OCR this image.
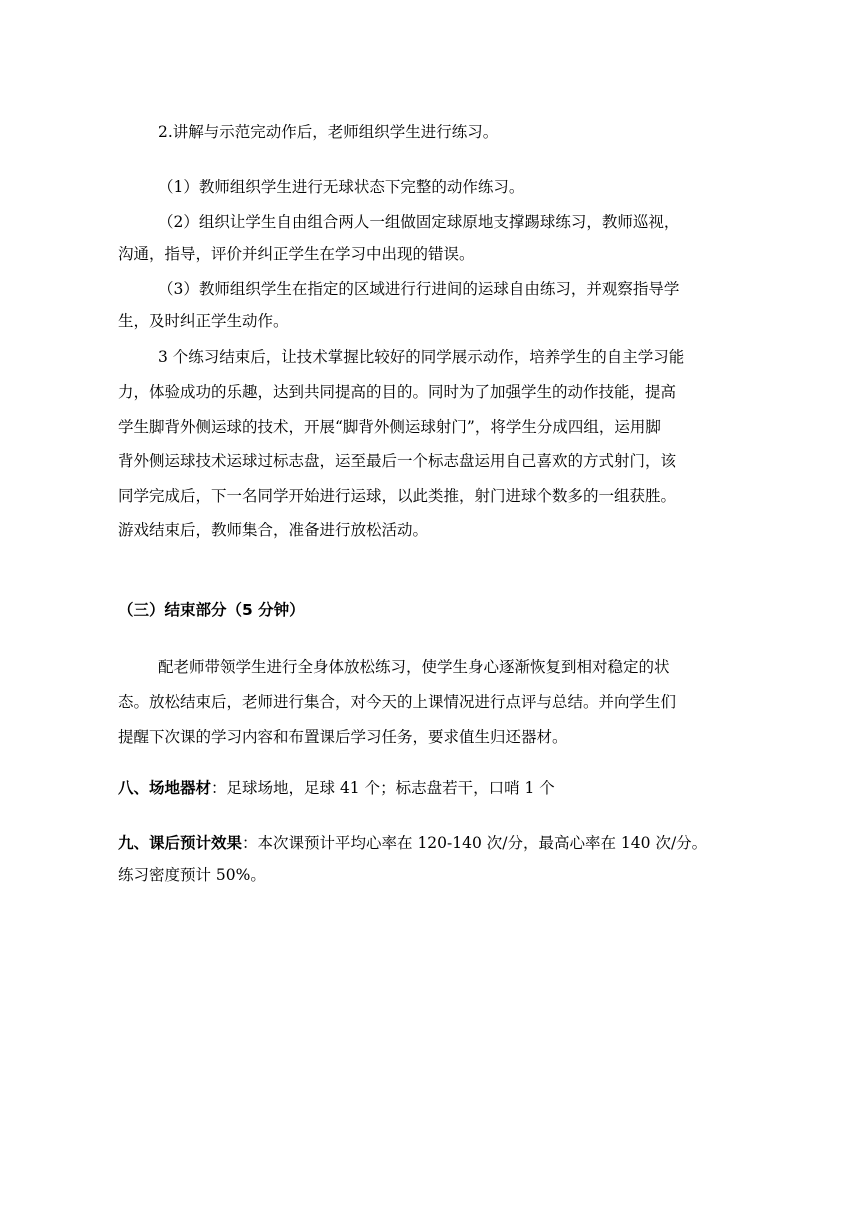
2.讲解与示范完动作后，老师组织学生进行练习。
（1）教师组织学生进行无球状态下完整的动作练习。
（2）组织让学生自由组合两人一组做固定球原地支撑踢球练习，教师巡视，
沟通，指导，评价并纠正学生在学习中出现的错误。
（3）教师组织学生在指定的区域进行行进间的运球自由练习，并观察指导学
生，及时纠正学生动作。
3 个练习结束后，让技术掌握比较好的同学展示动作，培养学生的自主学习能
力，体验成功的乐趣，达到共同提高的目的。同时为了加强学生的动作技能，提高
学生脚背外侧运球的技术，开展“脚背外侧运球射门”，将学生分成四组，运用脚
背外侧运球技术运球过标志盘，运至最后一个标志盘运用自己喜欢的方式射门，该
同学完成后，下一名同学开始进行运球，以此类推，射门进球个数多的一组获胜。
游戏结束后，教师集合，准备进行放松活动。
（三）结束部分（5 分钟）
配老师带领学生进行全身体放松练习，使学生身心逐渐恢复到相对稳定的状
态。放松结束后，老师进行集合，对今天的上课情况进行点评与总结。并向学生们
提醒下次课的学习内容和布置课后学习任务，要求值生归还器材。
八、场地器材：足球场地，足球 41 个；标志盘若干，口哨 1 个
九、课后预计效果：本次课预计平均心率在 120-140 次/分，最高心率在 140 次/分。
练习密度预计 50%。
